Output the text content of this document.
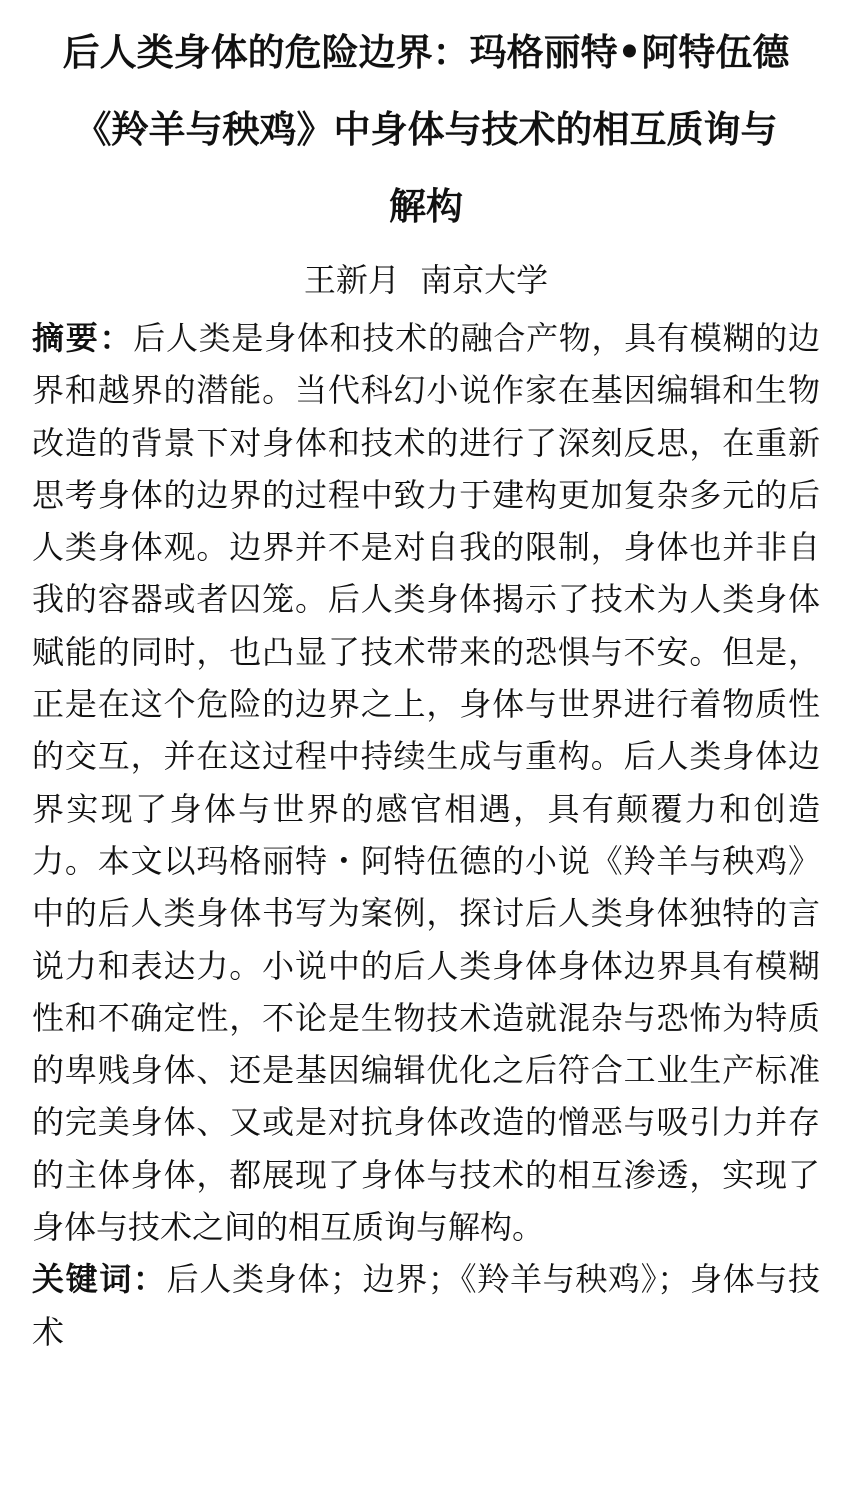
后人类身体的危险边界：玛格丽特•阿特伍德
《羚羊与秧鸡》中身体与技术的相互质询与
解构

王新月  南京大学

摘要：后人类是身体和技术的融合产物，具有模糊的边界和越界的潜能。当代科幻小说作家在基因编辑和生物改造的背景下对身体和技术的进行了深刻反思，在重新思考身体的边界的过程中致力于建构更加复杂多元的后人类身体观。边界并不是对自我的限制，身体也并非自我的容器或者囚笼。后人类身体揭示了技术为人类身体赋能的同时，也凸显了技术带来的恐惧与不安。但是，正是在这个危险的边界之上，身体与世界进行着物质性的交互，并在这过程中持续生成与重构。后人类身体边界实现了身体与世界的感官相遇，具有颠覆力和创造力。本文以玛格丽特・阿特伍德的小说《羚羊与秧鸡》中的后人类身体书写为案例，探讨后人类身体独特的言说力和表达力。小说中的后人类身体身体边界具有模糊性和不确定性，不论是生物技术造就混杂与恐怖为特质的卑贱身体、还是基因编辑优化之后符合工业生产标准的完美身体、又或是对抗身体改造的憎恶与吸引力并存的主体身体，都展现了身体与技术的相互渗透，实现了身体与技术之间的相互质询与解构。

关键词：后人类身体；边界；《羚羊与秧鸡》；身体与技术
